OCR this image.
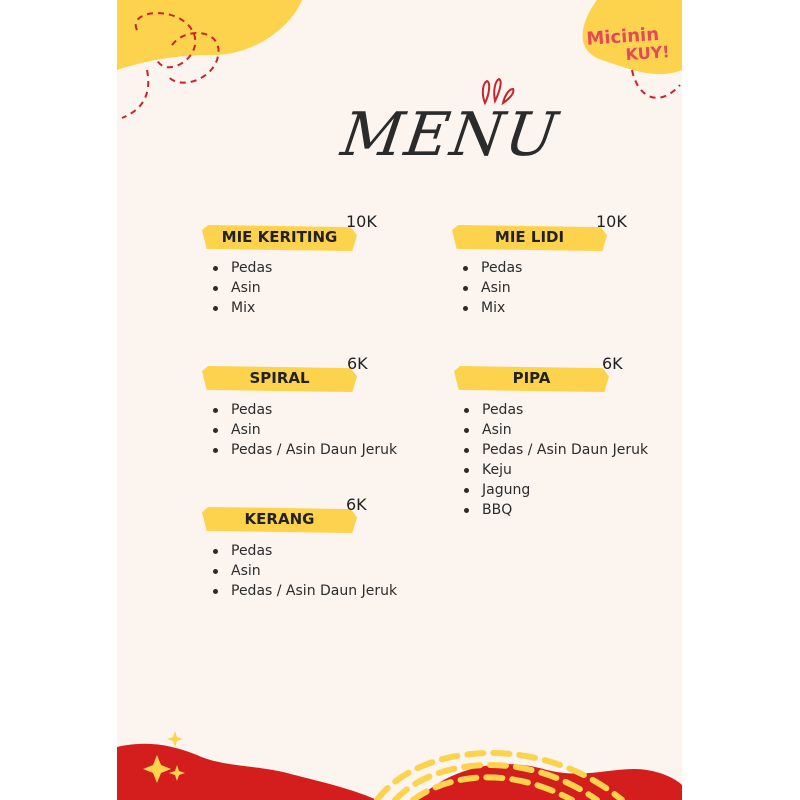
Micinin
KUY!
MENU
MIE KERITING
10K
Pedas
Asin
Mix
MIE LIDI
10K
Pedas
Asin
Mix
SPIRAL
6K
Pedas
Asin
Pedas / Asin Daun Jeruk
PIPA
6K
Pedas
Asin
Pedas / Asin Daun Jeruk
Keju
Jagung
BBQ
KERANG
6K
Pedas
Asin
Pedas / Asin Daun Jeruk
